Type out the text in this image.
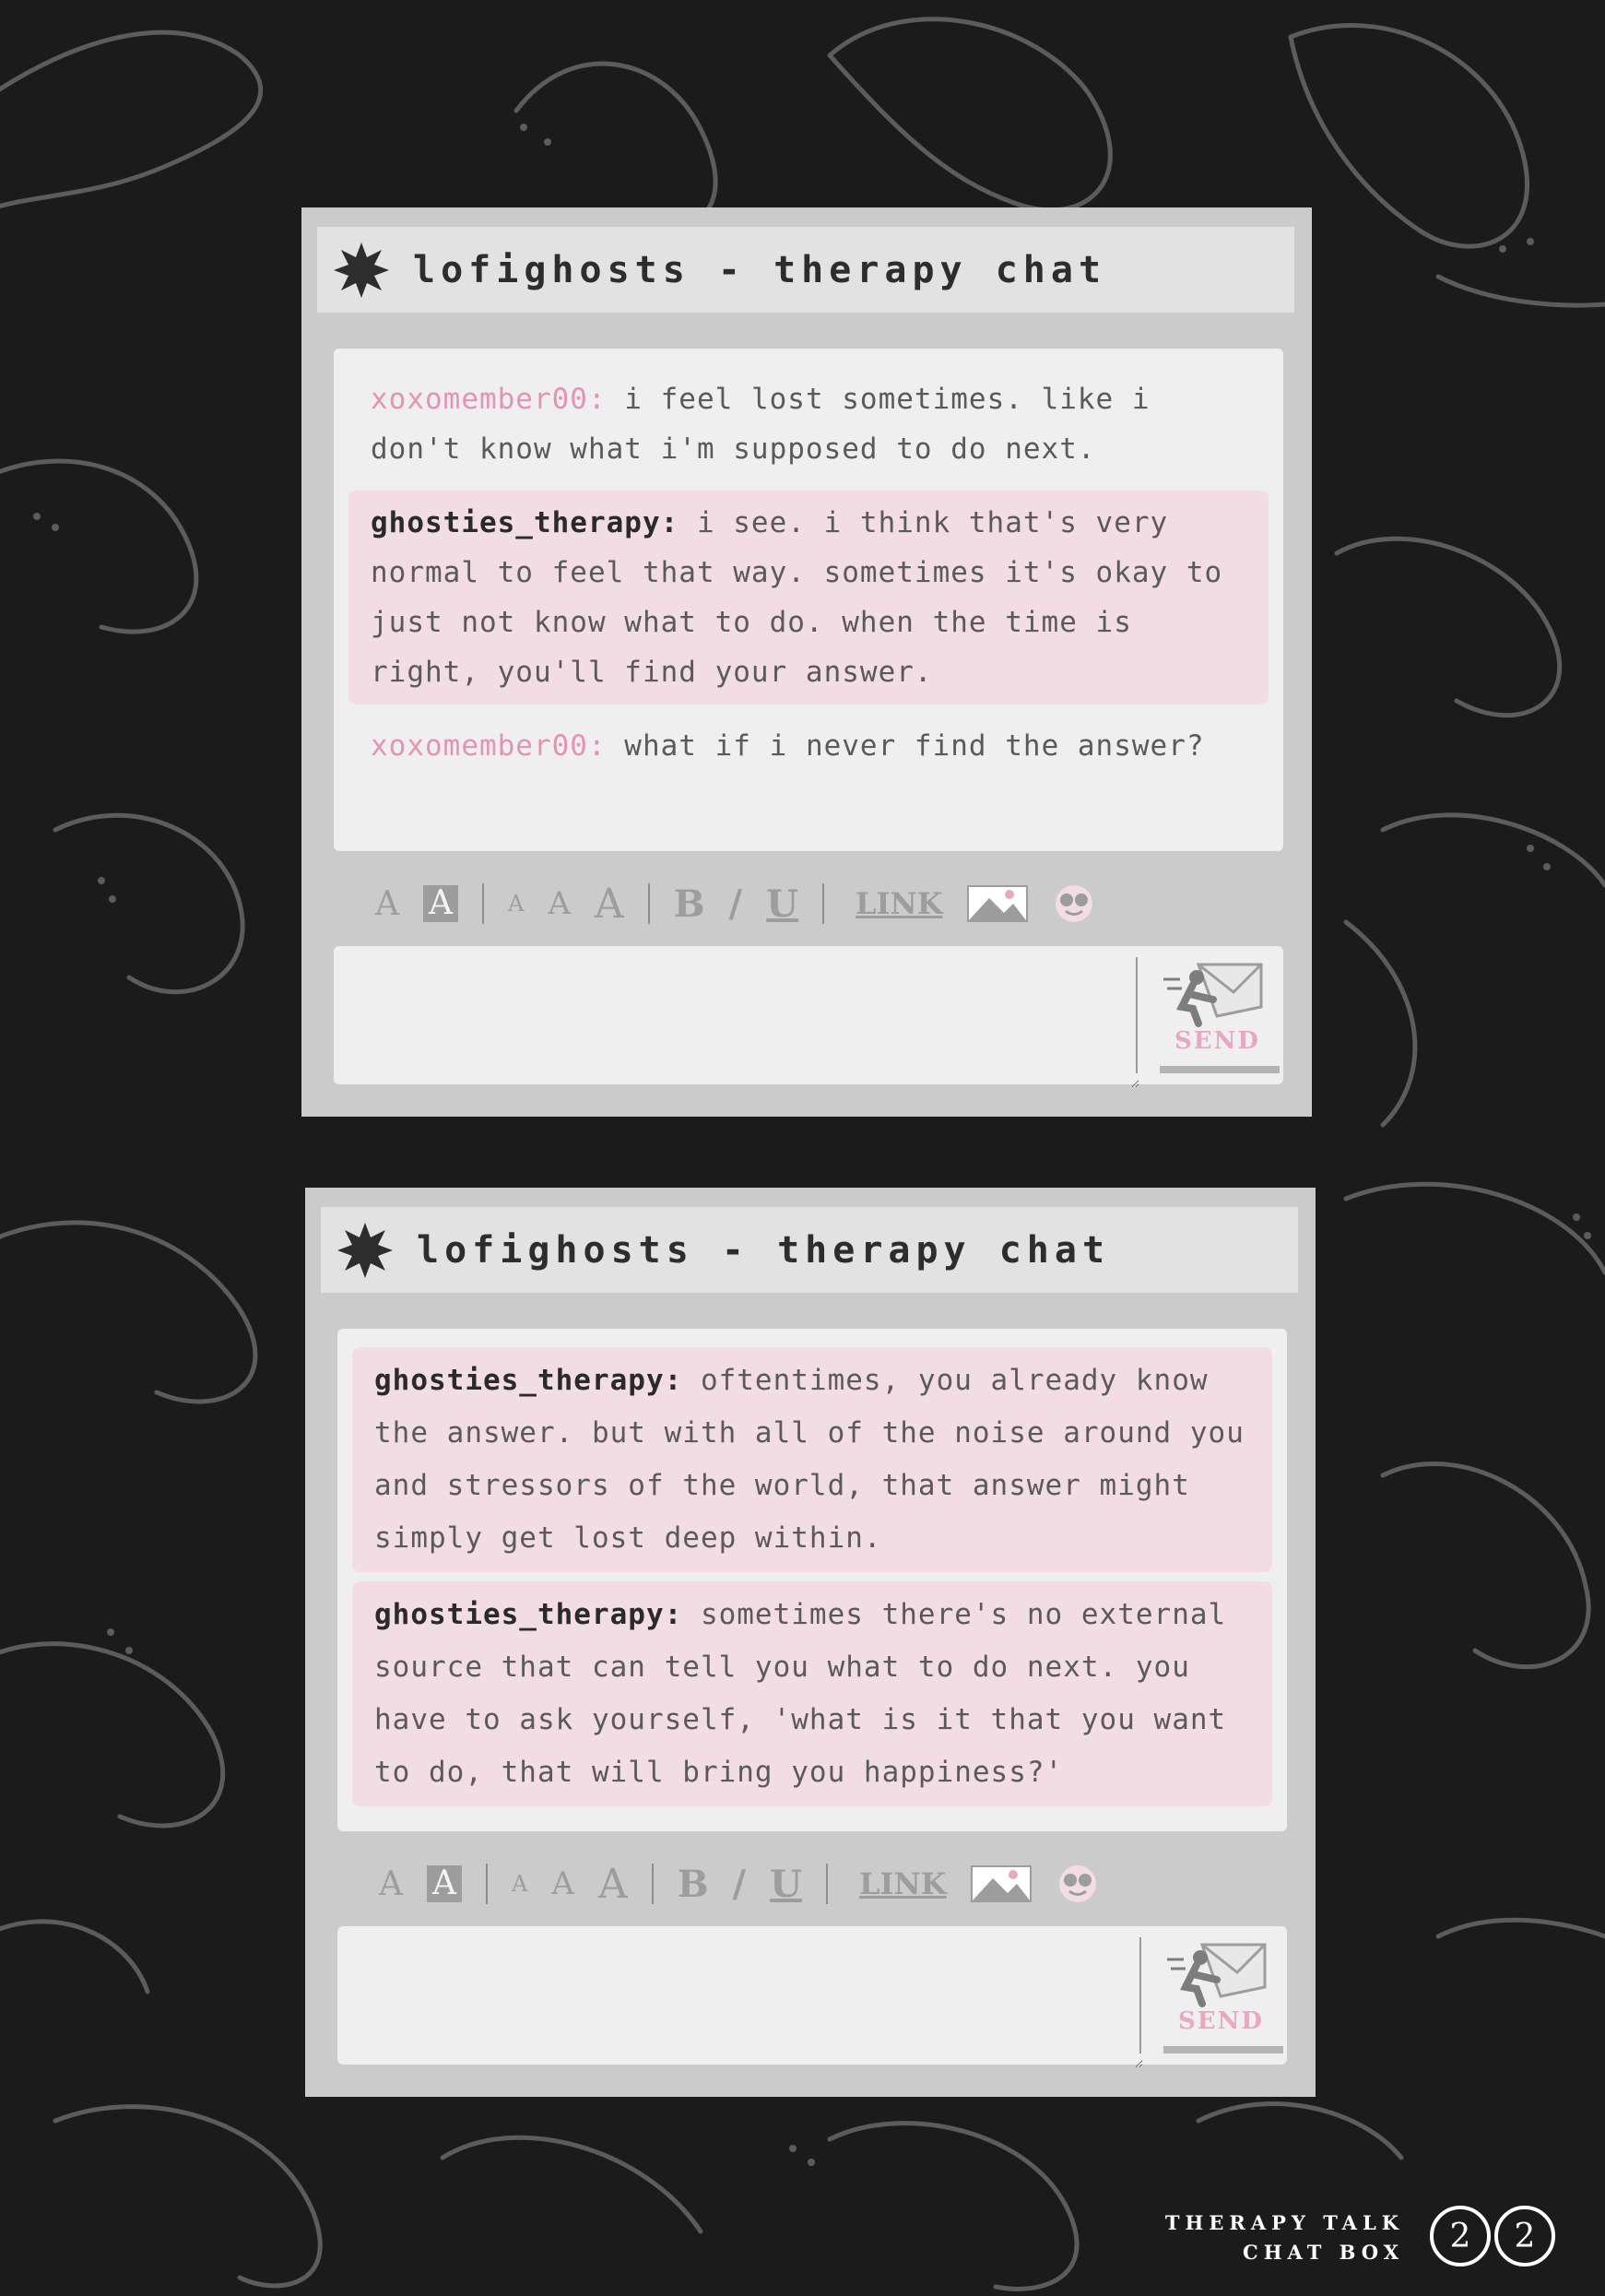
lofighosts - therapy chat
xoxomember00: i feel lost sometimes. like i don't know what i'm supposed to do next.
ghosties_therapy: i see. i think that's very normal to feel that way. sometimes it's okay to just not know what to do. when the time is right, you'll find your answer.
xoxomember00: what if i never find the answer?
A A	A A A B / U LINK
SEND
lofighosts - therapy chat
ghosties_therapy: oftentimes, you already know the answer. but with all of the noise around you and stressors of the world, that answer might simply get lost deep within.
ghosties_therapy: sometimes there's no external source that can tell you what to do next. you have to ask yourself, 'what is it that you want to do, that will bring you happiness?'
A A	A A A B / U LINK
SEND
THERAPY TALK
CHAT BOX 2 2
